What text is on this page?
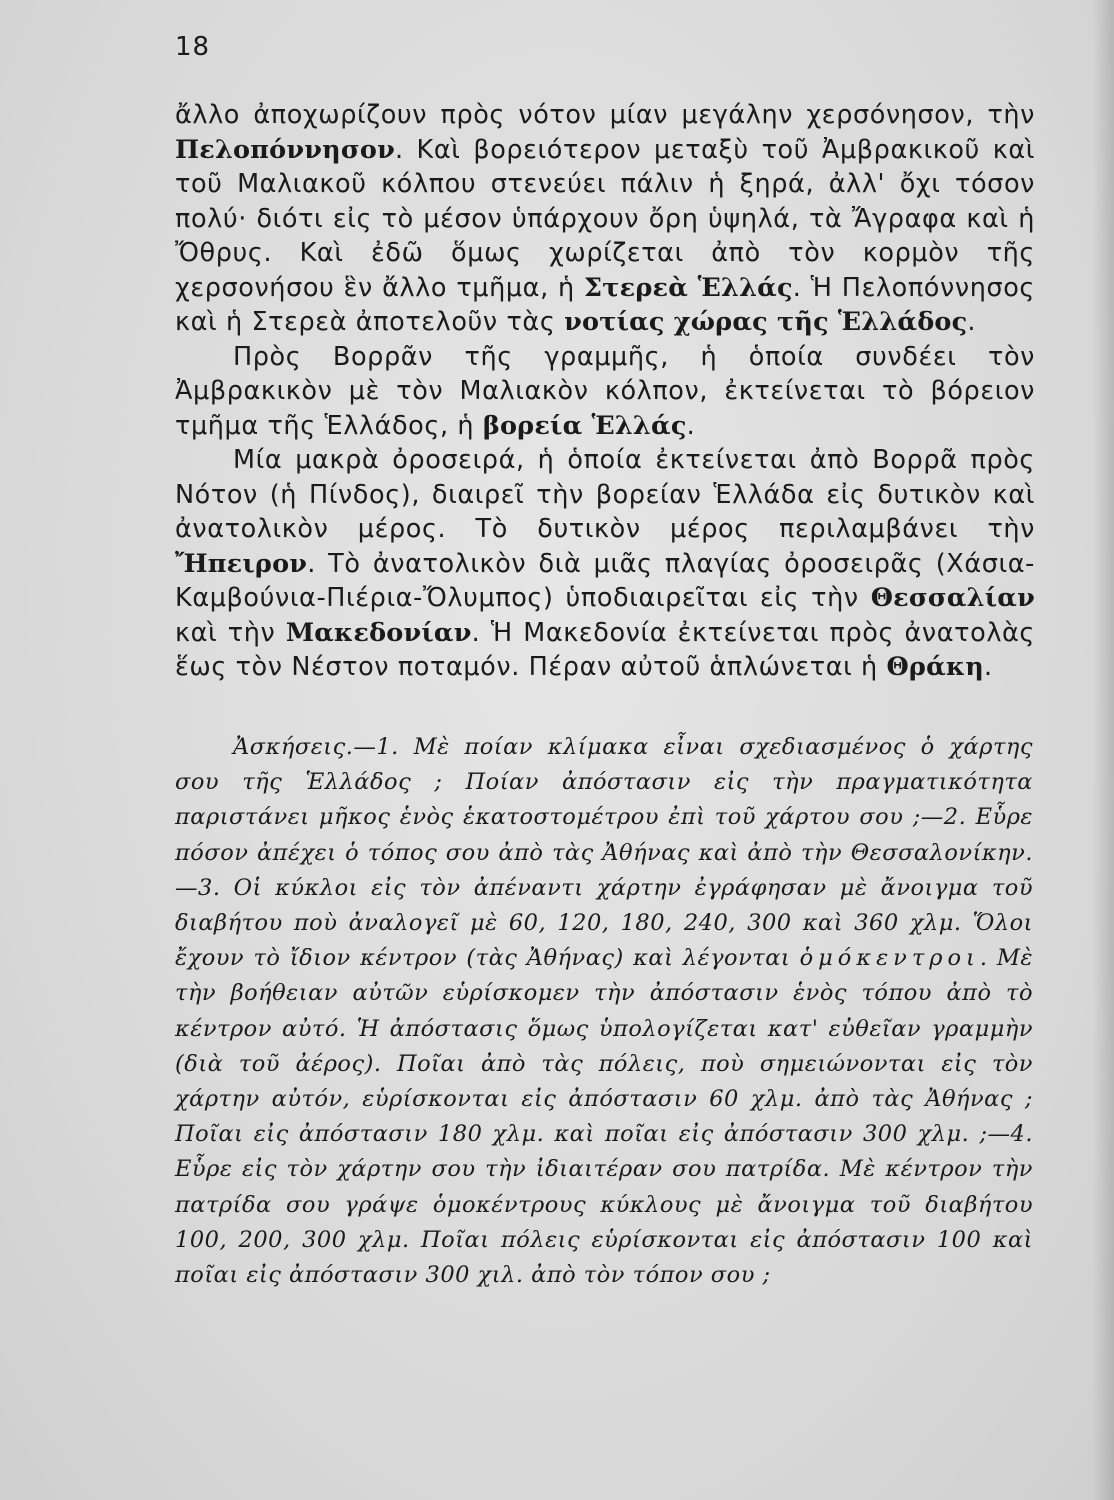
18

ἄλλο ἀποχωρίζουν πρὸς νότον μίαν μεγάλην χερσόνησον, τὴν Πελοπόννησον. Καὶ βορειότερον μεταξὺ τοῦ Ἀμβρακικοῦ καὶ τοῦ Μαλιακοῦ κόλπου στενεύει πάλιν ἡ ξηρά, ἀλλ' ὄχι τόσον πολύ· διότι εἰς τὸ μέσον ὑπάρχουν ὄρη ὑψηλά, τὰ Ἄγραφα καὶ ἡ Ὄθρυς. Καὶ ἐδῶ ὅμως χωρίζεται ἀπὸ τὸν κορμὸν τῆς χερσονήσου ἓν ἄλλο τμῆμα, ἡ Στερεὰ Ἑλλάς. Ἡ Πελοπόννησος καὶ ἡ Στερεὰ ἀποτελοῦν τὰς νοτίας χώρας τῆς Ἑλλάδος.

Πρὸς Βορρᾶν τῆς γραμμῆς, ἡ ὁποία συνδέει τὸν Ἀμβρακικὸν μὲ τὸν Μαλιακὸν κόλπον, ἐκτείνεται τὸ βόρειον τμῆμα τῆς Ἑλλάδος, ἡ βορεία Ἑλλάς.

Μία μακρὰ ὀροσειρά, ἡ ὁποία ἐκτείνεται ἀπὸ Βορρᾶ πρὸς Νότον (ἡ Πίνδος), διαιρεῖ τὴν βορείαν Ἑλλάδα εἰς δυτικὸν καὶ ἀνατολικὸν μέρος. Τὸ δυτικὸν μέρος περιλαμβάνει τὴν Ἤπειρον. Τὸ ἀνατολικὸν διὰ μιᾶς πλαγίας ὀροσειρᾶς (Χάσια-Καμβούνια-Πιέρια-Ὄλυμπος) ὑποδιαιρεῖται εἰς τὴν Θεσσαλίαν καὶ τὴν Μακεδονίαν. Ἡ Μακεδονία ἐκτείνεται πρὸς ἀνατολὰς ἕως τὸν Νέστον ποταμόν. Πέραν αὐτοῦ ἁπλώνεται ἡ Θράκη.

Ἀσκήσεις.—1. Μὲ ποίαν κλίμακα εἶναι σχεδιασμένος ὁ χάρτης σου τῆς Ἑλλάδος ; Ποίαν ἀπόστασιν εἰς τὴν πραγματικότητα παριστάνει μῆκος ἑνὸς ἑκατοστομέτρου ἐπὶ τοῦ χάρτου σου ;—2. Εὗρε πόσον ἀπέχει ὁ τόπος σου ἀπὸ τὰς Ἀθήνας καὶ ἀπὸ τὴν Θεσσαλονίκην.—3. Οἱ κύκλοι εἰς τὸν ἀπέναντι χάρτην ἐγράφησαν μὲ ἄνοιγμα τοῦ διαβήτου ποὺ ἀναλογεῖ μὲ 60, 120, 180, 240, 300 καὶ 360 χλμ. Ὅλοι ἔχουν τὸ ἴδιον κέντρον (τὰς Ἀθήνας) καὶ λέγονται ὁμόκεντροι. Μὲ τὴν βοήθειαν αὐτῶν εὑρίσκομεν τὴν ἀπόστασιν ἑνὸς τόπου ἀπὸ τὸ κέντρον αὐτό. Ἡ ἀπόστασις ὅμως ὑπολογίζεται κατ' εὐθεῖαν γραμμὴν (διὰ τοῦ ἀέρος). Ποῖαι ἀπὸ τὰς πόλεις, ποὺ σημειώνονται εἰς τὸν χάρτην αὐτόν, εὑρίσκονται εἰς ἀπόστασιν 60 χλμ. ἀπὸ τὰς Ἀθήνας ; Ποῖαι εἰς ἀπόστασιν 180 χλμ. καὶ ποῖαι εἰς ἀπόστασιν 300 χλμ. ;—4. Εὗρε εἰς τὸν χάρτην σου τὴν ἰδιαιτέραν σου πατρίδα. Μὲ κέντρον τὴν πατρίδα σου γράψε ὁμοκέντρους κύκλους μὲ ἄνοιγμα τοῦ διαβήτου 100, 200, 300 χλμ. Ποῖαι πόλεις εὑρίσκονται εἰς ἀπόστασιν 100 καὶ ποῖαι εἰς ἀπόστασιν 300 χιλ. ἀπὸ τὸν τόπον σου ;
